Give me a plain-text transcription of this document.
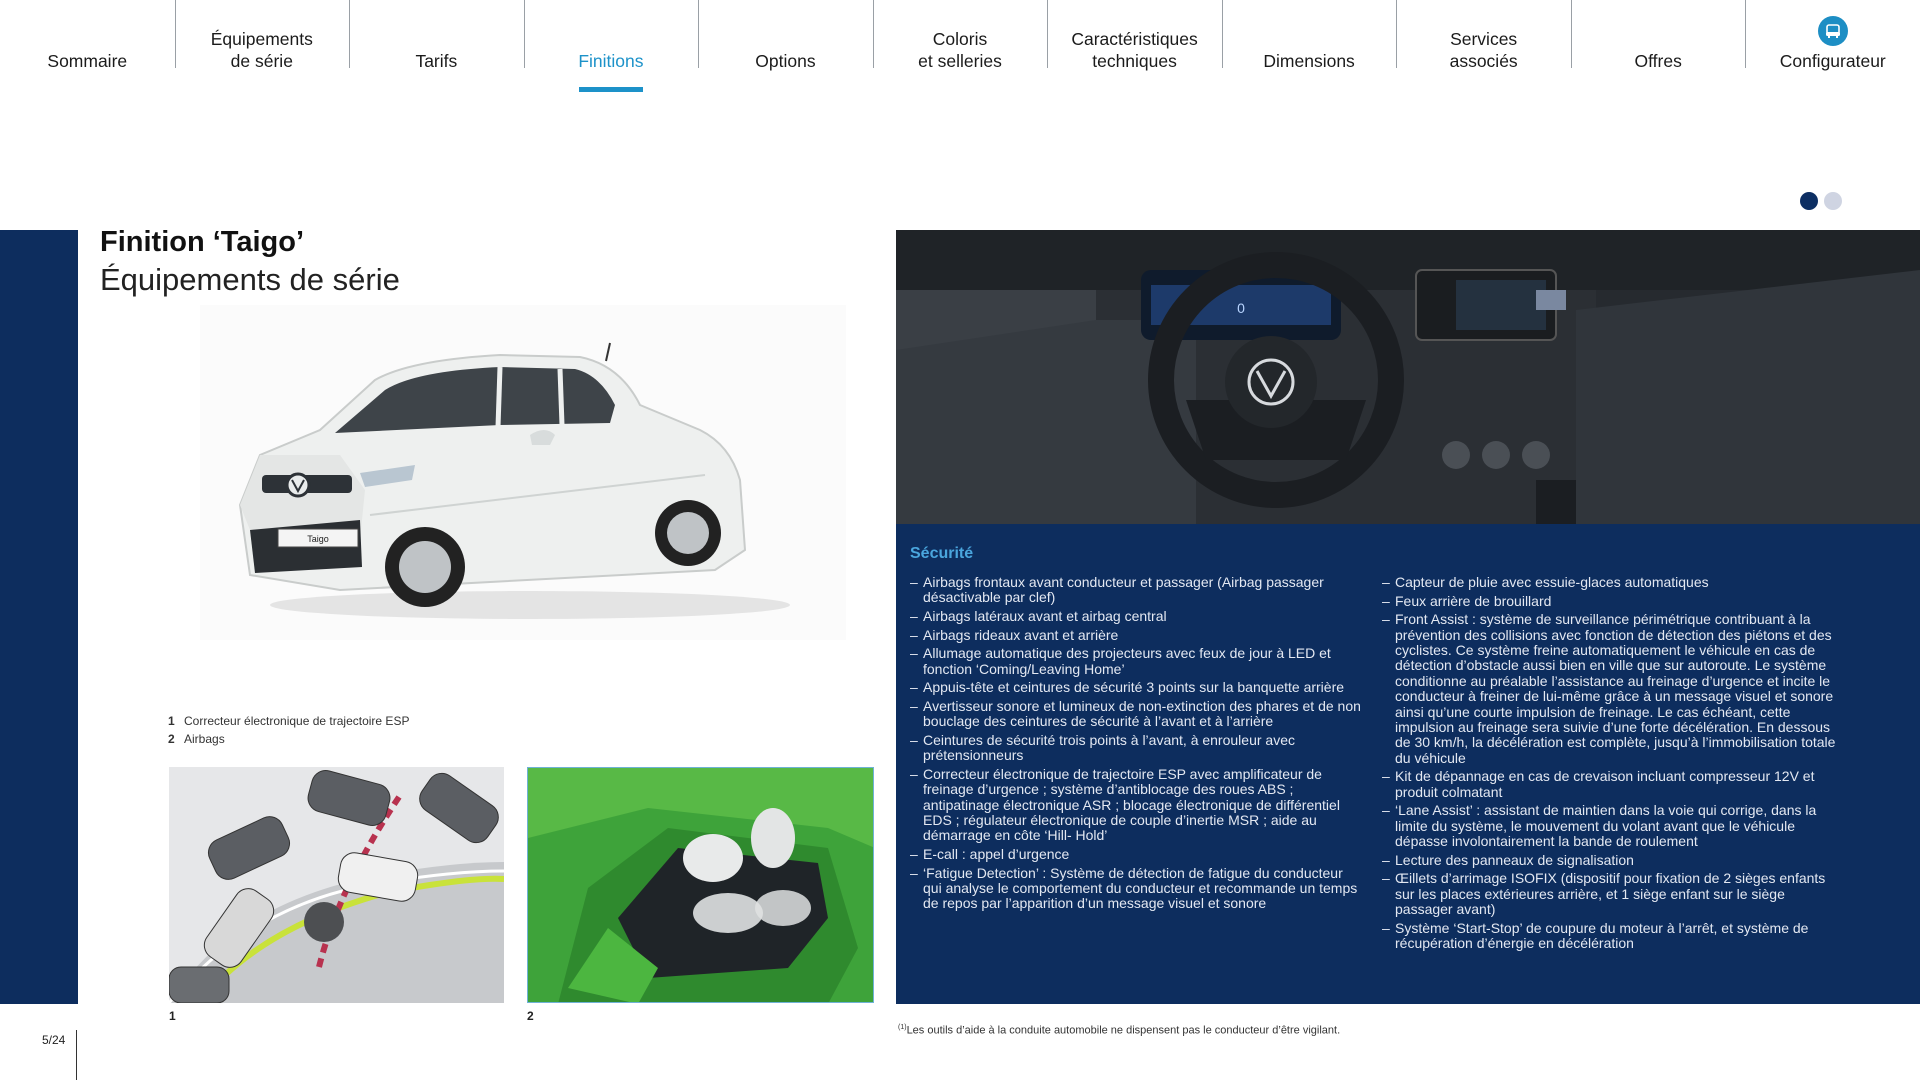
Sommaire
Équipements
de série	Tarifs	Finitions	Options
Coloris
et selleries
Caractéristiques
techniques	Dimensions
Services
associés	Offres	Configurateur
Finition ‘Taigo’
Équipements de série
Taigo
1 Correcteur électronique de trajectoire ESP
2 Airbags
1	2
5/24
0
Sécurité
– Airbags frontaux avant conducteur et passager (Airbag passager désactivable par clef)
– Airbags latéraux avant et airbag central
– Airbags rideaux avant et arrière
– Allumage automatique des projecteurs avec feux de jour à LED et fonction ‘Coming/Leaving Home’
– Appuis-tête et ceintures de sécurité 3 points sur la banquette arrière
– Avertisseur sonore et lumineux de non-extinction des phares et de non bouclage des ceintures de sécurité à l’avant et à l’arrière
– Ceintures de sécurité trois points à l’avant, à enrouleur avec prétensionneurs
– Correcteur électronique de trajectoire ESP avec amplificateur de freinage d’urgence ; système d’antiblocage des roues ABS ; antipatinage électronique ASR ; blocage électronique de différentiel EDS ; régulateur électronique de couple d’inertie MSR ; aide au démarrage en côte ‘Hill- Hold’
– E-call : appel d’urgence
– ‘Fatigue Detection’ : Système de détection de fatigue du conducteur qui analyse le comportement du conducteur et recommande un temps de repos par l’apparition d’un message visuel et sonore
– Capteur de pluie avec essuie-glaces automatiques
– Feux arrière de brouillard
– Front Assist : système de surveillance périmétrique contribuant à la prévention des collisions avec fonction de détection des piétons et des cyclistes. Ce système freine automatiquement le véhicule en cas de détection d’obstacle aussi bien en ville que sur autoroute. Le système conditionne au préalable l’assistance au freinage d’urgence et incite le conducteur à freiner de lui-même grâce à un message visuel et sonore ainsi qu’une courte impulsion de freinage. Le cas échéant, cette impulsion au freinage sera suivie d’une forte décélération. En dessous de 30 km/h, la décélération est complète, jusqu’à l’immobilisation totale du véhicule
– Kit de dépannage en cas de crevaison incluant compresseur 12V et produit colmatant
– ‘Lane Assist’ : assistant de maintien dans la voie qui corrige, dans la limite du système, le mouvement du volant avant que le véhicule dépasse involontairement la bande de roulement
– Lecture des panneaux de signalisation
– Œillets d’arrimage ISOFIX (dispositif pour fixation de 2 sièges enfants sur les places extérieures arrière, et 1 siège enfant sur le siège passager avant)
– Système ‘Start-Stop’ de coupure du moteur à l’arrêt, et système de récupération d’énergie en décélération

$^{(1)}$Les outils d’aide à la conduite automobile ne dispensent pas le conducteur d’être vigilant.
